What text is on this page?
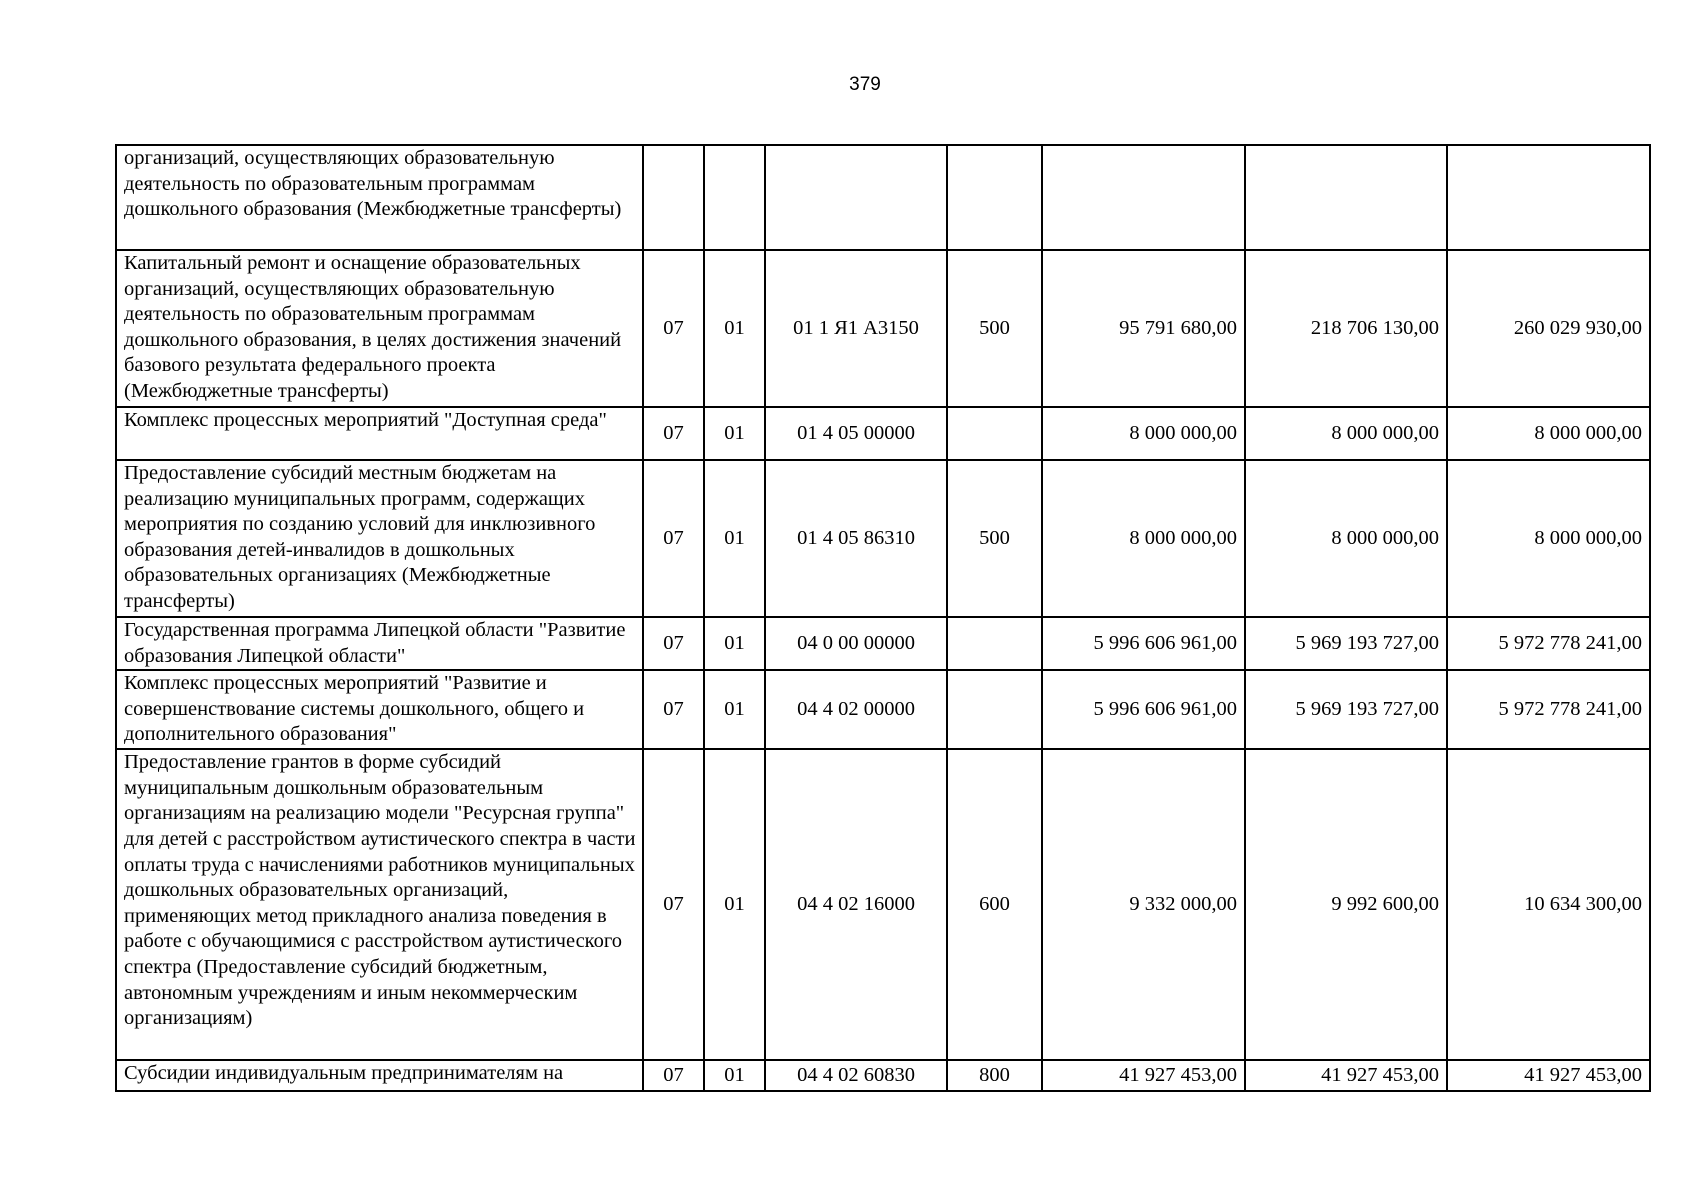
379
организаций, осуществляющих образовательную деятельность по образовательным программам дошкольного образования (Межбюджетные трансферты)							
Капитальный ремонт и оснащение образовательных организаций, осуществляющих образовательную деятельность по образовательным программам дошкольного образования, в целях достижения значений базового результата федерального проекта (Межбюджетные трансферты)	07	01	01 1 Я1 А3150	500	95 791 680,00	218 706 130,00	260 029 930,00
Комплекс процессных мероприятий "Доступная среда"	07	01	01 4 05 00000		8 000 000,00	8 000 000,00	8 000 000,00
Предоставление субсидий местным бюджетам на реализацию муниципальных программ, содержащих мероприятия по созданию условий для инклюзивного образования детей-инвалидов в дошкольных образовательных организациях (Межбюджетные трансферты)	07	01	01 4 05 86310	500	8 000 000,00	8 000 000,00	8 000 000,00
Государственная программа Липецкой области "Развитие образования Липецкой области"	07	01	04 0 00 00000		5 996 606 961,00	5 969 193 727,00	5 972 778 241,00
Комплекс процессных мероприятий "Развитие и совершенствование системы дошкольного, общего и дополнительного образования"	07	01	04 4 02 00000		5 996 606 961,00	5 969 193 727,00	5 972 778 241,00
Предоставление грантов в форме субсидий муниципальным дошкольным образовательным организациям на реализацию модели "Ресурсная группа" для детей с расстройством аутистического спектра в части оплаты труда с начислениями работников муниципальных дошкольных образовательных организаций, применяющих метод прикладного анализа поведения в работе с обучающимися с расстройством аутистического спектра (Предоставление субсидий бюджетным, автономным учреждениям и иным некоммерческим организациям)	07	01	04 4 02 16000	600	9 332 000,00	9 992 600,00	10 634 300,00
Субсидии индивидуальным предпринимателям на	07	01	04 4 02 60830	800	41 927 453,00	41 927 453,00	41 927 453,00
